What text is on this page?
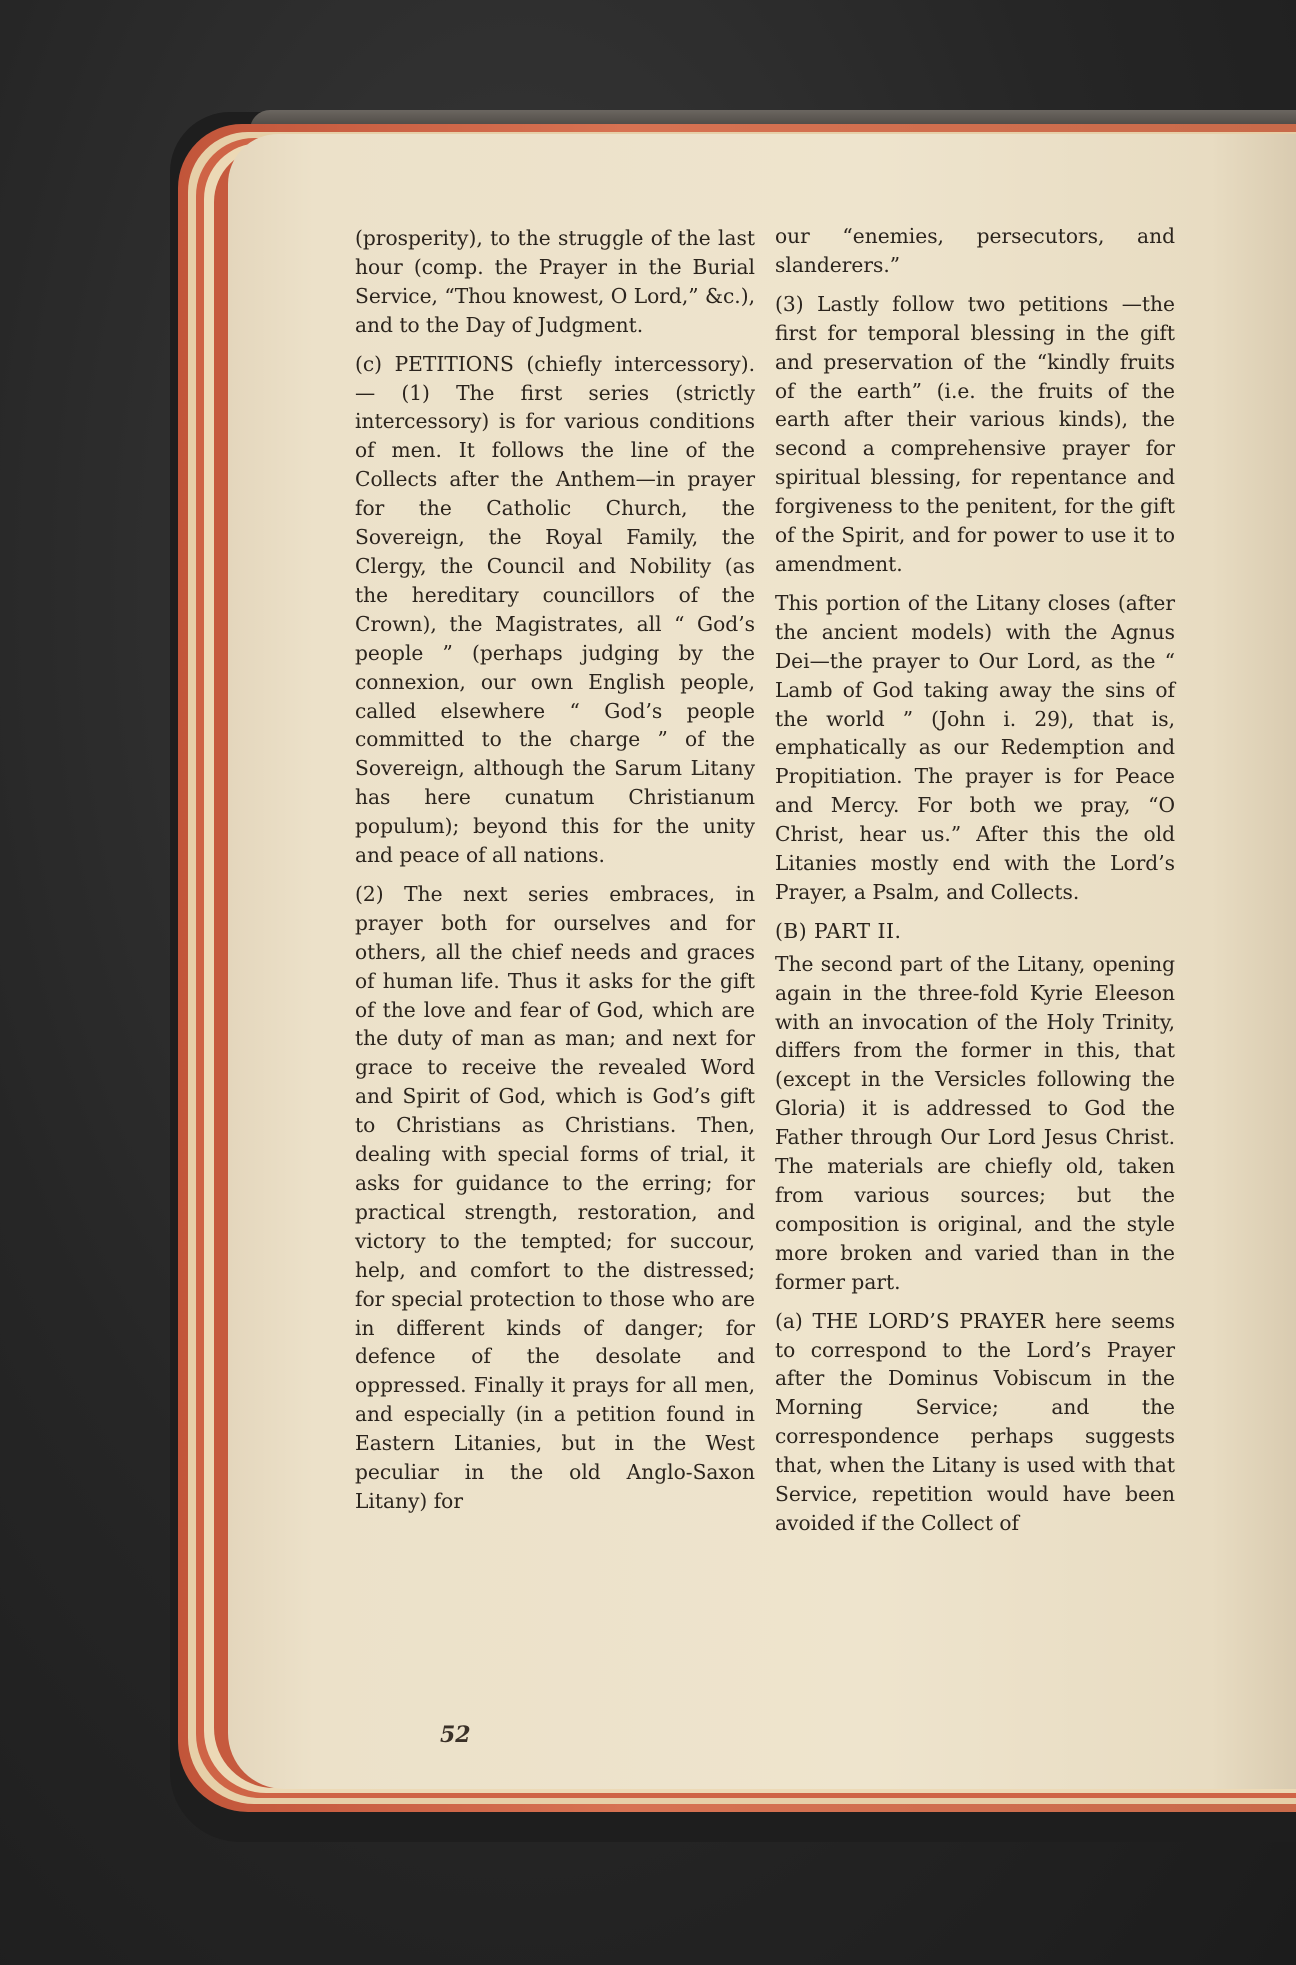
(prosperity), to the struggle of the last hour (comp. the Prayer in the Burial Service, “Thou knowest, O Lord,” &c.), and to the Day of Judgment.

(c) PETITIONS (chiefly intercessory). — (1) The first series (strictly intercessory) is for various conditions of men. It follows the line of the Collects after the Anthem—in prayer for the Catholic Church, the Sovereign, the Royal Family, the Clergy, the Council and Nobility (as the hereditary councillors of the Crown), the Magistrates, all “ God’s people ” (perhaps judging by the connexion, our own English people, called elsewhere “ God’s people committed to the charge ” of the Sovereign, although the Sarum Litany has here cunatum Christianum populum); beyond this for the unity and peace of all nations.

(2) The next series embraces, in prayer both for ourselves and for others, all the chief needs and graces of human life. Thus it asks for the gift of the love and fear of God, which are the duty of man as man; and next for grace to receive the revealed Word and Spirit of God, which is God’s gift to Christians as Christians. Then, dealing with special forms of trial, it asks for guidance to the erring; for practical strength, restoration, and victory to the tempted; for succour, help, and comfort to the distressed; for special protection to those who are in different kinds of danger; for defence of the desolate and oppressed. Finally it prays for all men, and especially (in a petition found in Eastern Litanies, but in the West peculiar in the old Anglo-Saxon Litany) for

our “enemies, persecutors, and slanderers.”

(3) Lastly follow two petitions —the first for temporal blessing in the gift and preservation of the “kindly fruits of the earth” (i.e. the fruits of the earth after their various kinds), the second a comprehensive prayer for spiritual blessing, for repentance and forgiveness to the penitent, for the gift of the Spirit, and for power to use it to amendment.

This portion of the Litany closes (after the ancient models) with the Agnus Dei—the prayer to Our Lord, as the “ Lamb of God taking away the sins of the world ” (John i. 29), that is, emphatically as our Redemption and Propitiation. The prayer is for Peace and Mercy. For both we pray, “O Christ, hear us.” After this the old Litanies mostly end with the Lord’s Prayer, a Psalm, and Collects.

(B) PART II.

The second part of the Litany, opening again in the three-fold Kyrie Eleeson with an invocation of the Holy Trinity, differs from the former in this, that (except in the Versicles following the Gloria) it is addressed to God the Father through Our Lord Jesus Christ. The materials are chiefly old, taken from various sources; but the composition is original, and the style more broken and varied than in the former part.

(a) THE LORD’S PRAYER here seems to correspond to the Lord’s Prayer after the Dominus Vobiscum in the Morning Service; and the correspondence perhaps suggests that, when the Litany is used with that Service, repetition would have been avoided if the Collect of

52
